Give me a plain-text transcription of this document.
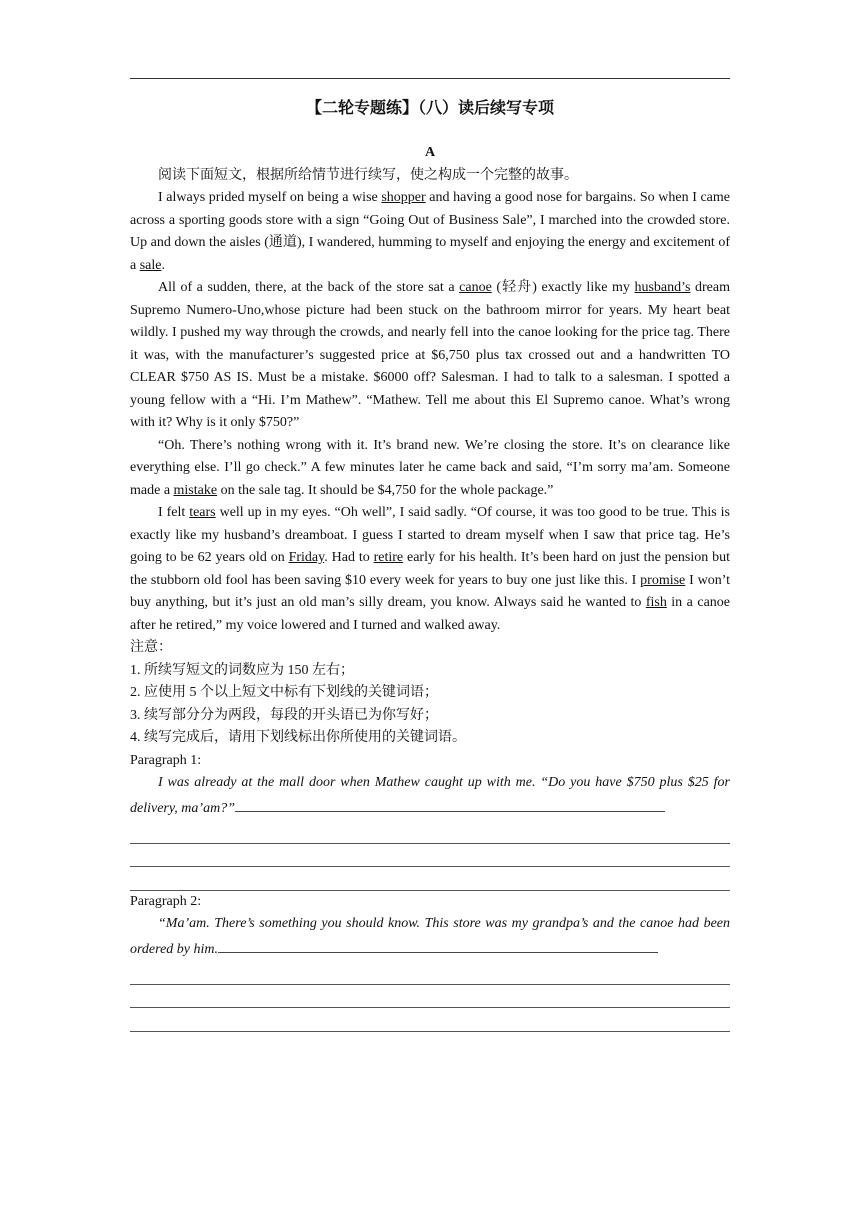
【二轮专题练】（八）读后续写专项
A

阅读下面短文，根据所给情节进行续写，使之构成一个完整的故事。

I always prided myself on being a wise shopper and having a good nose for bargains. So when I came across a sporting goods store with a sign “Going Out of Business Sale”, I marched into the crowded store. Up and down the aisles (通道), I wandered, humming to myself and enjoying the energy and excitement of a sale.

All of a sudden, there, at the back of the store sat a canoe (轻舟) exactly like my husband’s dream Supremo Numero-Uno,whose picture had been stuck on the bathroom mirror for years. My heart beat wildly. I pushed my way through the crowds, and nearly fell into the canoe looking for the price tag. There it was, with the manufacturer’s suggested price at $6,750 plus tax crossed out and a handwritten TO CLEAR $750 AS IS. Must be a mistake. $6000 off? Salesman. I had to talk to a salesman. I spotted a young fellow with a “Hi. I’m Mathew”. “Mathew. Tell me about this El Supremo canoe. What’s wrong with it? Why is it only $750?”

“Oh. There’s nothing wrong with it. It’s brand new. We’re closing the store. It’s on clearance like everything else. I’ll go check.” A few minutes later he came back and said, “I’m sorry ma’am. Someone made a mistake on the sale tag. It should be $4,750 for the whole package.”

I felt tears well up in my eyes. “Oh well”, I said sadly. “Of course, it was too good to be true. This is exactly like my husband’s dreamboat. I guess I started to dream myself when I saw that price tag. He’s going to be 62 years old on Friday. Had to retire early for his health. It’s been hard on just the pension but the stubborn old fool has been saving $10 every week for years to buy one just like this. I promise I won’t buy anything, but it’s just an old man’s silly dream, you know. Always said he wanted to fish in a canoe after he retired,” my voice lowered and I turned and walked away.

注意：
1. 所续写短文的词数应为 150 左右；
2. 应使用 5 个以上短文中标有下划线的关键词语；
3. 续写部分分为两段，每段的开头语已为你写好；
4. 续写完成后，请用下划线标出你所使用的关键词语。
Paragraph 1:

I was already at the mall door when Mathew caught up with me. “Do you have $750 plus $25 for delivery, ma’am?”

Paragraph 2:

“Ma’am. There’s something you should know. This store was my grandpa’s and the canoe had been ordered by him.
